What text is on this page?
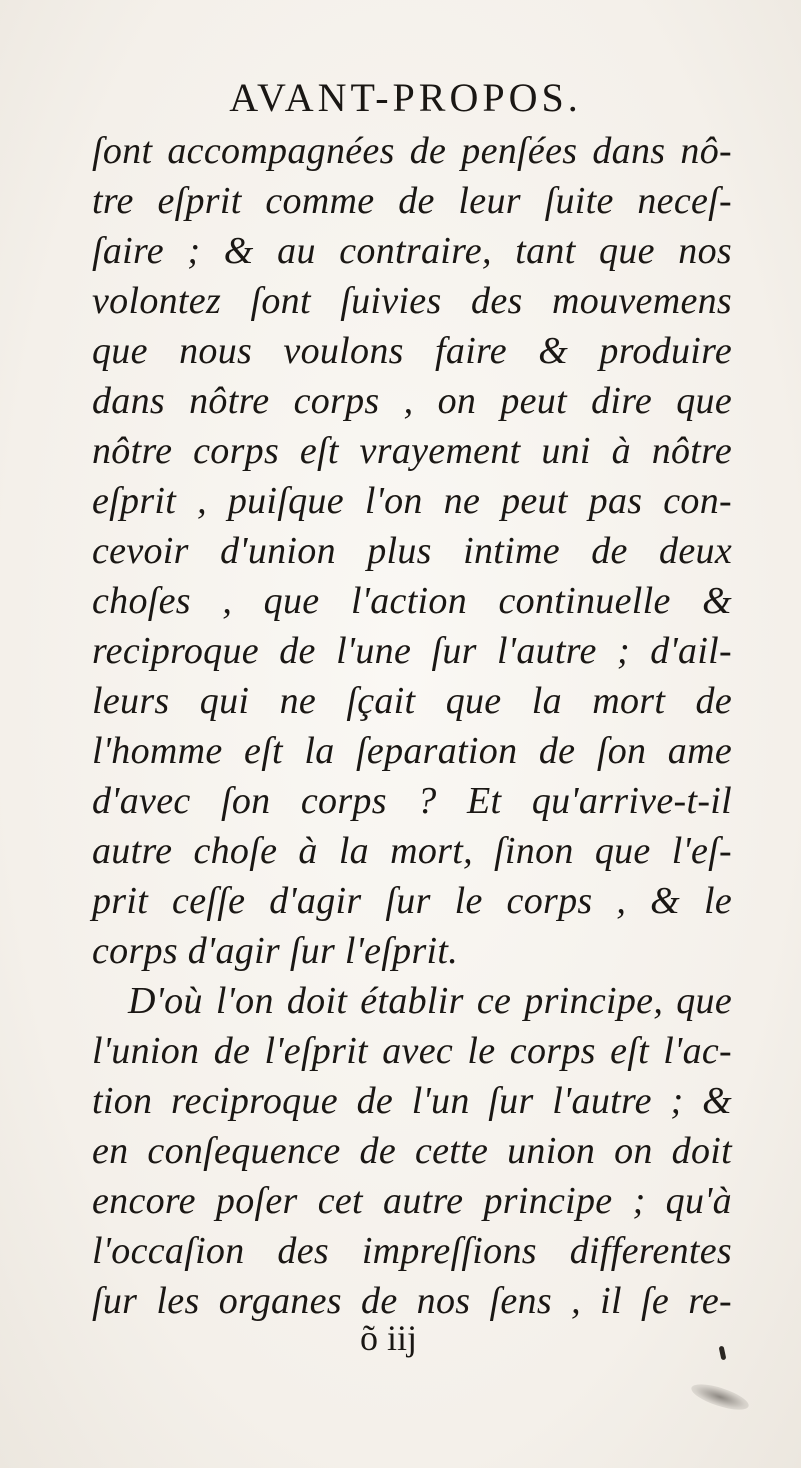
AVANT-PROPOS.
ſont accompagnées de penſées dans nô-
tre eſprit comme de leur ſuite neceſ-
ſaire ; & au contraire, tant que nos
volontez ſont ſuivies des mouvemens
que nous voulons faire & produire
dans nôtre corps , on peut dire que
nôtre corps eſt vrayement uni à nôtre
eſprit , puiſque l'on ne peut pas con-
cevoir d'union plus intime de deux
choſes , que l'action continuelle &
reciproque de l'une ſur l'autre ; d'ail-
leurs qui ne ſçait que la mort de
l'homme eſt la ſeparation de ſon ame
d'avec ſon corps ? Et qu'arrive-t-il
autre choſe à la mort, ſinon que l'eſ-
prit ceſſe d'agir ſur le corps , & le
corps d'agir ſur l'eſprit.
D'où l'on doit établir ce principe, que
l'union de l'eſprit avec le corps eſt l'ac-
tion reciproque de l'un ſur l'autre ; &
en conſequence de cette union on doit
encore poſer cet autre principe ; qu'à
l'occaſion des impreſſions differentes
ſur les organes de nos ſens , il ſe re-
õ iij
